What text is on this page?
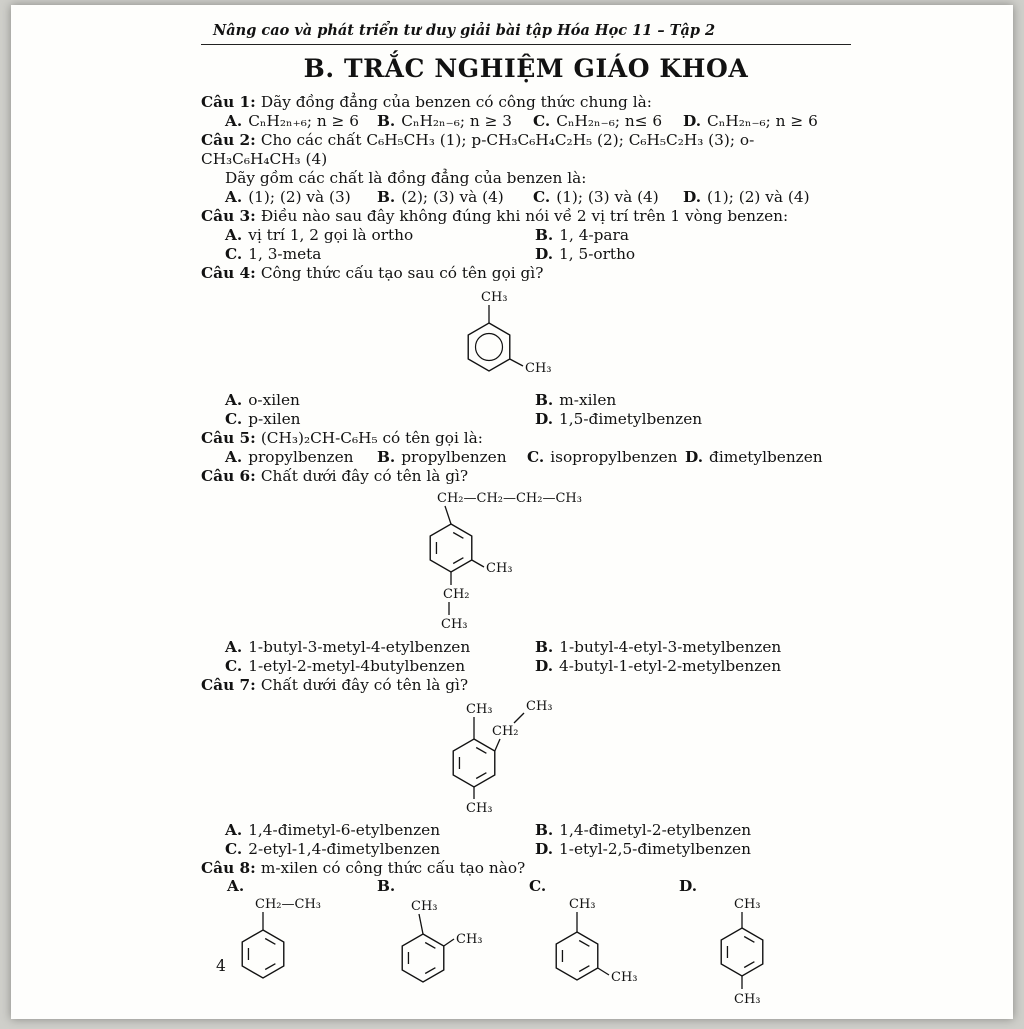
Nâng cao và phát triển tư duy giải bài tập Hóa Học 11 – Tập 2
B. TRẮC NGHIỆM GIÁO KHOA

Câu 1: Dãy đồng đẳng của benzen có công thức chung là:

A. CₙH₂ₙ₊₆; n ≥ 6 B. CₙH₂ₙ₋₆; n ≥ 3 C. CₙH₂ₙ₋₆; n≤ 6 D. CₙH₂ₙ₋₆; n ≥ 6

Câu 2: Cho các chất C₆H₅CH₃ (1); p-CH₃C₆H₄C₂H₅ (2); C₆H₅C₂H₃ (3); o-CH₃C₆H₄CH₃ (4)

Dãy gồm các chất là đồng đẳng của benzen là:

A. (1); (2) và (3) B. (2); (3) và (4) C. (1); (3) và (4) D. (1); (2) và (4)

Câu 3: Điều nào sau đây không đúng khi nói về 2 vị trí trên 1 vòng benzen:

A. vị trí 1, 2 gọi là ortho	B. 1, 4-para
C. 1, 3-meta	D. 1, 5-ortho

Câu 4: Công thức cấu tạo sau có tên gọi gì?

CH₃
CH₃
A. o-xilen	B. m-xilen
C. p-xilen	D. 1,5-đimetylbenzen

Câu 5: (CH₃)₂CH-C₆H₅ có tên gọi là:

A. propylbenzen B. propylbenzen C. isopropylbenzen D. đimetylbenzen

Câu 6: Chất dưới đây có tên là gì?

CH₂—CH₂—CH₂—CH₃
CH₃
CH₂
CH₃
A. 1-butyl-3-metyl-4-etylbenzen	B. 1-butyl-4-etyl-3-metylbenzen
C. 1-etyl-2-metyl-4butylbenzen	D. 4-butyl-1-etyl-2-metylbenzen

Câu 7: Chất dưới đây có tên là gì?

CH₃	CH₃
CH₂
CH₃
A. 1,4-đimetyl-6-etylbenzen	B. 1,4-đimetyl-2-etylbenzen
C. 2-etyl-1,4-đimetylbenzen	D. 1-etyl-2,5-đimetylbenzen

Câu 8: m-xilen có công thức cấu tạo nào?

A.	B.	C.	D.
CH₂—CH₃	CH₃
CH₃
CH₃
CH₃
CH₃
CH₃
4
